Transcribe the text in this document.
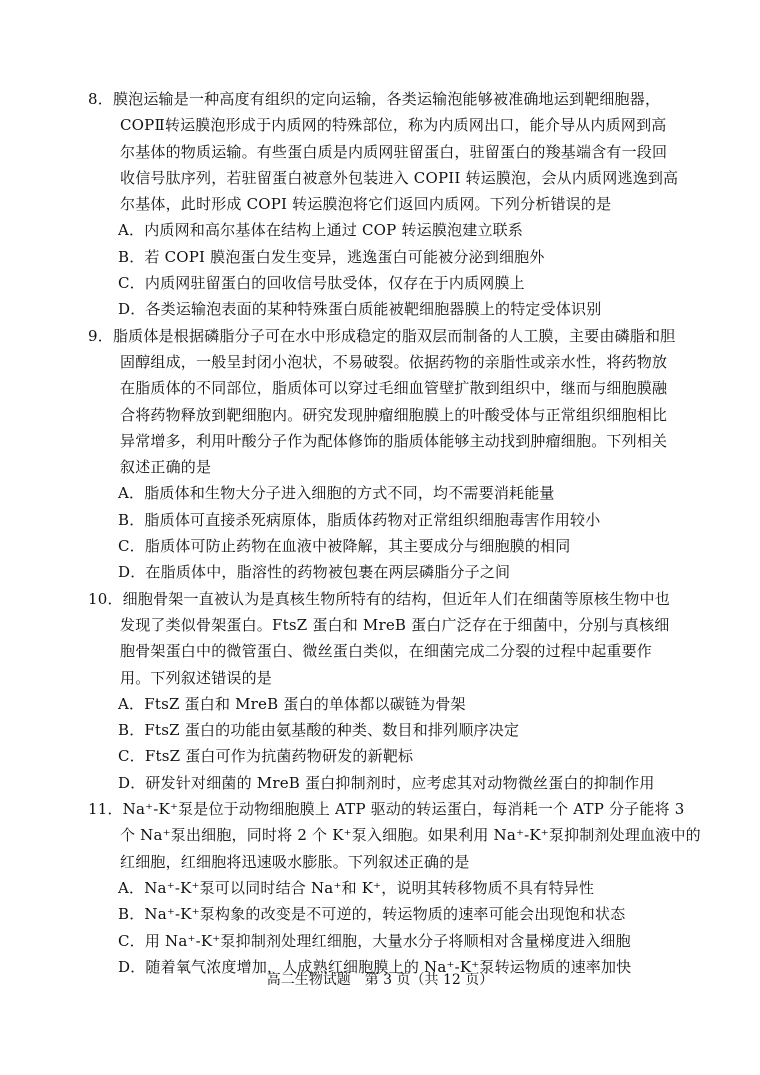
8．膜泡运输是一种高度有组织的定向运输，各类运输泡能够被准确地运到靶细胞器，
COPⅡ转运膜泡形成于内质网的特殊部位，称为内质网出口，能介导从内质网到高
尔基体的物质运输。有些蛋白质是内质网驻留蛋白，驻留蛋白的羧基端含有一段回
收信号肽序列，若驻留蛋白被意外包装进入 COPII 转运膜泡，会从内质网逃逸到高
尔基体，此时形成 COPI 转运膜泡将它们返回内质网。下列分析错误的是
A．内质网和高尔基体在结构上通过 COP 转运膜泡建立联系
B．若 COPI 膜泡蛋白发生变异，逃逸蛋白可能被分泌到细胞外
C．内质网驻留蛋白的回收信号肽受体，仅存在于内质网膜上
D．各类运输泡表面的某种特殊蛋白质能被靶细胞器膜上的特定受体识别
9．脂质体是根据磷脂分子可在水中形成稳定的脂双层而制备的人工膜，主要由磷脂和胆
固醇组成，一般呈封闭小泡状，不易破裂。依据药物的亲脂性或亲水性，将药物放
在脂质体的不同部位，脂质体可以穿过毛细血管壁扩散到组织中，继而与细胞膜融
合将药物释放到靶细胞内。研究发现肿瘤细胞膜上的叶酸受体与正常组织细胞相比
异常增多，利用叶酸分子作为配体修饰的脂质体能够主动找到肿瘤细胞。下列相关
叙述正确的是
A．脂质体和生物大分子进入细胞的方式不同，均不需要消耗能量
B．脂质体可直接杀死病原体，脂质体药物对正常组织细胞毒害作用较小
C．脂质体可防止药物在血液中被降解，其主要成分与细胞膜的相同
D．在脂质体中，脂溶性的药物被包裹在两层磷脂分子之间
10．细胞骨架一直被认为是真核生物所特有的结构，但近年人们在细菌等原核生物中也
发现了类似骨架蛋白。FtsZ 蛋白和 MreB 蛋白广泛存在于细菌中，分别与真核细
胞骨架蛋白中的微管蛋白、微丝蛋白类似，在细菌完成二分裂的过程中起重要作
用。下列叙述错误的是
A．FtsZ 蛋白和 MreB 蛋白的单体都以碳链为骨架
B．FtsZ 蛋白的功能由氨基酸的种类、数目和排列顺序决定
C．FtsZ 蛋白可作为抗菌药物研发的新靶标
D．研发针对细菌的 MreB 蛋白抑制剂时，应考虑其对动物微丝蛋白的抑制作用
11．Na⁺-K⁺泵是位于动物细胞膜上 ATP 驱动的转运蛋白，每消耗一个 ATP 分子能将 3
个 Na⁺泵出细胞，同时将 2 个 K⁺泵入细胞。如果利用 Na⁺-K⁺泵抑制剂处理血液中的
红细胞，红细胞将迅速吸水膨胀。下列叙述正确的是
A．Na⁺-K⁺泵可以同时结合 Na⁺和 K⁺，说明其转移物质不具有特异性
B．Na⁺-K⁺泵构象的改变是不可逆的，转运物质的速率可能会出现饱和状态
C．用 Na⁺-K⁺泵抑制剂处理红细胞，大量水分子将顺相对含量梯度进入细胞
D．随着氧气浓度增加，人成熟红细胞膜上的 Na⁺-K⁺泵转运物质的速率加快
高二生物试题　第 3 页（共 12 页）
